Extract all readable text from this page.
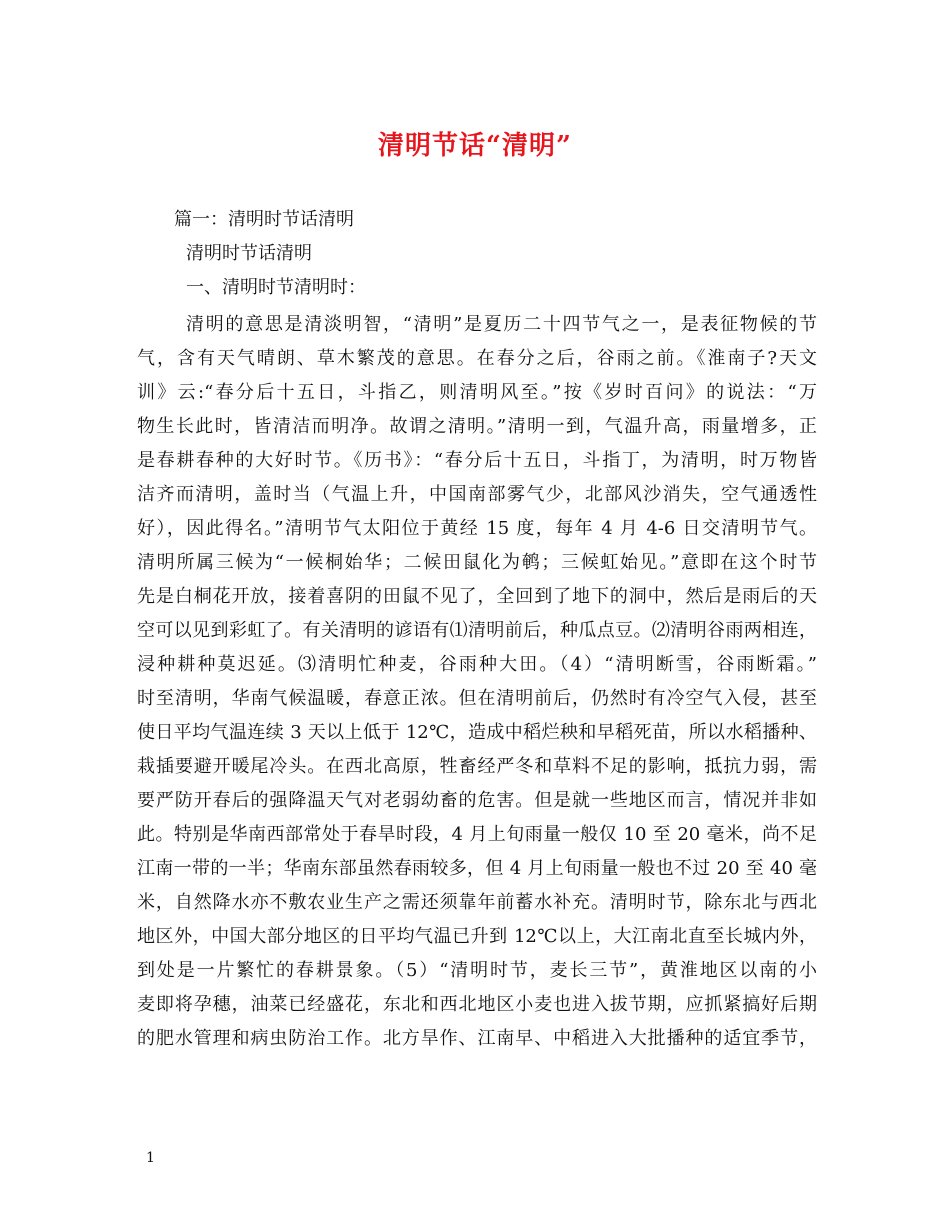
清明节话“清明”
篇一：清明时节话清明
清明时节话清明
一、清明时节清明时：
清明的意思是清淡明智，“清明”是夏历二十四节气之一，是表征物候的节
气，含有天气晴朗、草木繁茂的意思。在春分之后，谷雨之前。《淮南子?天文
训》云:“春分后十五日，斗指乙，则清明风至。”按《岁时百问》的说法：“万
物生长此时，皆清洁而明净。故谓之清明。”清明一到，气温升高，雨量增多，正
是春耕春种的大好时节。《历书》：“春分后十五日，斗指丁，为清明，时万物皆
洁齐而清明，盖时当（气温上升，中国南部雾气少，北部风沙消失，空气通透性
好），因此得名。”清明节气太阳位于黄经 15 度，每年 4 月 4-6 日交清明节气。
清明所属三候为“一候桐始华；二候田鼠化为鹌；三候虹始见。”意即在这个时节
先是白桐花开放，接着喜阴的田鼠不见了，全回到了地下的洞中，然后是雨后的天
空可以见到彩虹了。有关清明的谚语有⑴清明前后，种瓜点豆。⑵清明谷雨两相连，
浸种耕种莫迟延。⑶清明忙种麦，谷雨种大田。（4）“清明断雪，谷雨断霜。”
时至清明，华南气候温暖，春意正浓。但在清明前后，仍然时有冷空气入侵，甚至
使日平均气温连续 3 天以上低于 12℃，造成中稻烂秧和早稻死苗，所以水稻播种、
栽插要避开暖尾冷头。在西北高原，牲畜经严冬和草料不足的影响，抵抗力弱，需
要严防开春后的强降温天气对老弱幼畜的危害。但是就一些地区而言，情况并非如
此。特别是华南西部常处于春旱时段，4 月上旬雨量一般仅 10 至 20 毫米，尚不足
江南一带的一半；华南东部虽然春雨较多，但 4 月上旬雨量一般也不过 20 至 40 毫
米，自然降水亦不敷农业生产之需还须靠年前蓄水补充。清明时节，除东北与西北
地区外，中国大部分地区的日平均气温已升到 12℃以上，大江南北直至长城内外，
到处是一片繁忙的春耕景象。（5）“清明时节，麦长三节”，黄淮地区以南的小
麦即将孕穗，油菜已经盛花，东北和西北地区小麦也进入拔节期，应抓紧搞好后期
的肥水管理和病虫防治工作。北方旱作、江南早、中稻进入大批播种的适宜季节，
1
